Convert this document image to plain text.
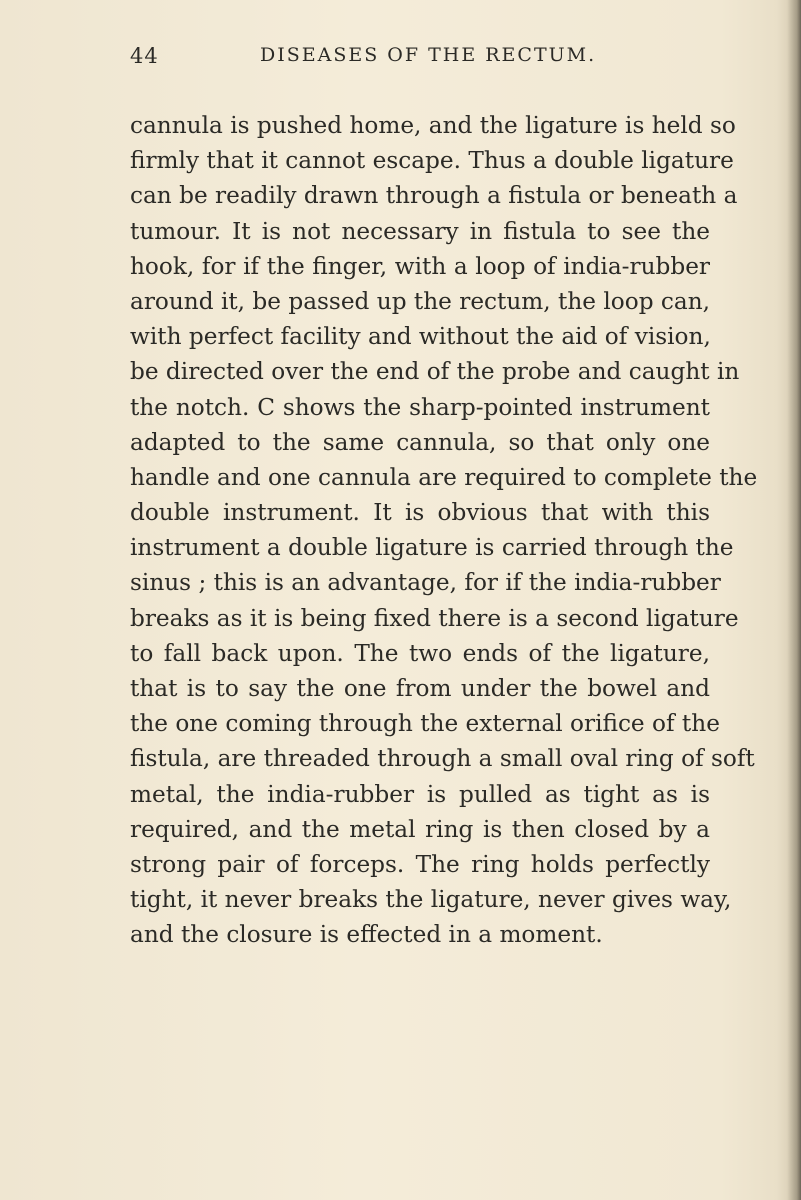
44	DISEASES OF THE RECTUM.
cannula is pushed home, and the ligature is held so
firmly that it cannot escape. Thus a double ligature
can be readily drawn through a fistula or beneath a
tumour. It is not necessary in fistula to see the
hook, for if the finger, with a loop of india-rubber
around it, be passed up the rectum, the loop can,
with perfect facility and without the aid of vision,
be directed over the end of the probe and caught in
the notch. C shows the sharp-pointed instrument
adapted to the same cannula, so that only one
handle and one cannula are required to complete the
double instrument. It is obvious that with this
instrument a double ligature is carried through the
sinus ; this is an advantage, for if the india-rubber
breaks as it is being fixed there is a second ligature
to fall back upon. The two ends of the ligature,
that is to say the one from under the bowel and
the one coming through the external orifice of the
fistula, are threaded through a small oval ring of soft
metal, the india-rubber is pulled as tight as is
required, and the metal ring is then closed by a
strong pair of forceps. The ring holds perfectly
tight, it never breaks the ligature, never gives way,
and the closure is effected in a moment.
